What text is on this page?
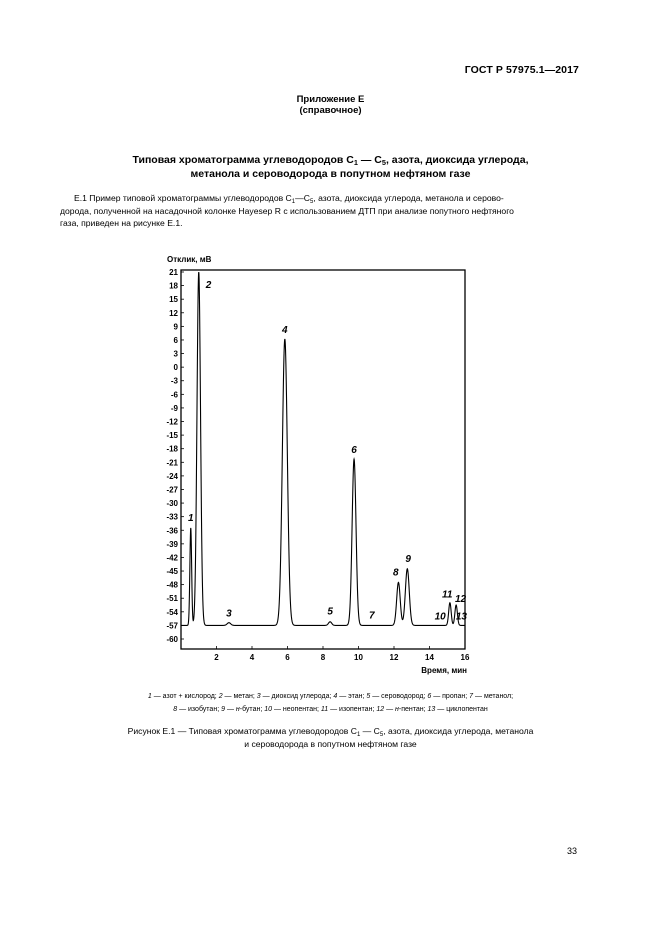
ГОСТ Р 57975.1—2017
Приложение Е
(справочное)
Типовая хроматограмма углеводородов $С_1$ — $С_5$, азота, диоксида углерода,
метанола и сероводорода в попутном нефтяном газе
Е.1 Пример типовой хроматограммы углеводородов $С_1—С_5$, азота, диоксида углерода, метанола и серово-
дорода, полученной на насадочной колонке Hayesep R с использованием ДТП при анализе попутного нефтяного
газа, приведен на рисунке Е.1.
21
18
15
12
9
6
3
0
-3
-6
-9
-12
-15
-18
-21
-24
-27
-30
-33
-36
-39
-42
-45
-48
-51
-54
-57
-60
2	4	6	8	10	12	14	16
Отклик, мВ
Время, мин
1
2
3
4
5
6
7
8
9
10
11 12
13
1 — азот + кислород; 2 — метан; 3 — диоксид углерода; 4 — этан; 5 — сероводород; 6 — пропан; 7 — метанол;
8 — изобутан; 9 — н-бутан; 10 — неопентан; 11 — изопентан; 12 — н-пентан; 13 — циклопентан
Рисунок Е.1 — Типовая хроматограмма углеводородов $С_1$ — $С_5$, азота, диоксида углерода, метанола
и сероводорода в попутном нефтяном газе
33
